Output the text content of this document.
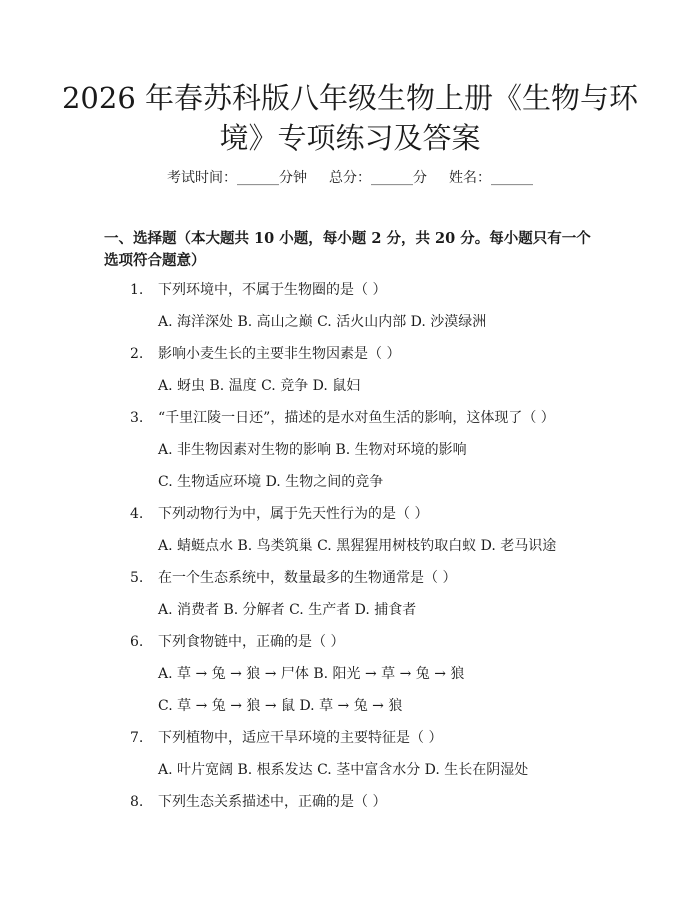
2026 年春苏科版八年级生物上册《生物与环
境》专项练习及答案
考试时间：______分钟 总分：______分 姓名：______

一、选择题（本大题共 10 小题，每小题 2 分，共 20 分。每小题只有一个选项符合题意）

1. 下列环境中，不属于生物圈的是（ ）
A. 海洋深处 B. 高山之巅 C. 活火山内部 D. 沙漠绿洲
2. 影响小麦生长的主要非生物因素是（ ）
A. 蚜虫 B. 温度 C. 竞争 D. 鼠妇
3. “千里江陵一日还”，描述的是水对鱼生活的影响，这体现了（ ）
A. 非生物因素对生物的影响 B. 生物对环境的影响
C. 生物适应环境 D. 生物之间的竞争
4. 下列动物行为中，属于先天性行为的是（ ）
A. 蜻蜓点水 B. 鸟类筑巢 C. 黑猩猩用树枝钓取白蚁 D. 老马识途
5. 在一个生态系统中，数量最多的生物通常是（ ）
A. 消费者 B. 分解者 C. 生产者 D. 捕食者
6. 下列食物链中，正确的是（ ）
A. 草 → 兔 → 狼 → 尸体 B. 阳光 → 草 → 兔 → 狼
C. 草 → 兔 → 狼 → 鼠 D. 草 → 兔 → 狼
7. 下列植物中，适应干旱环境的主要特征是（ ）
A. 叶片宽阔 B. 根系发达 C. 茎中富含水分 D. 生长在阴湿处
8. 下列生态关系描述中，正确的是（ ）
